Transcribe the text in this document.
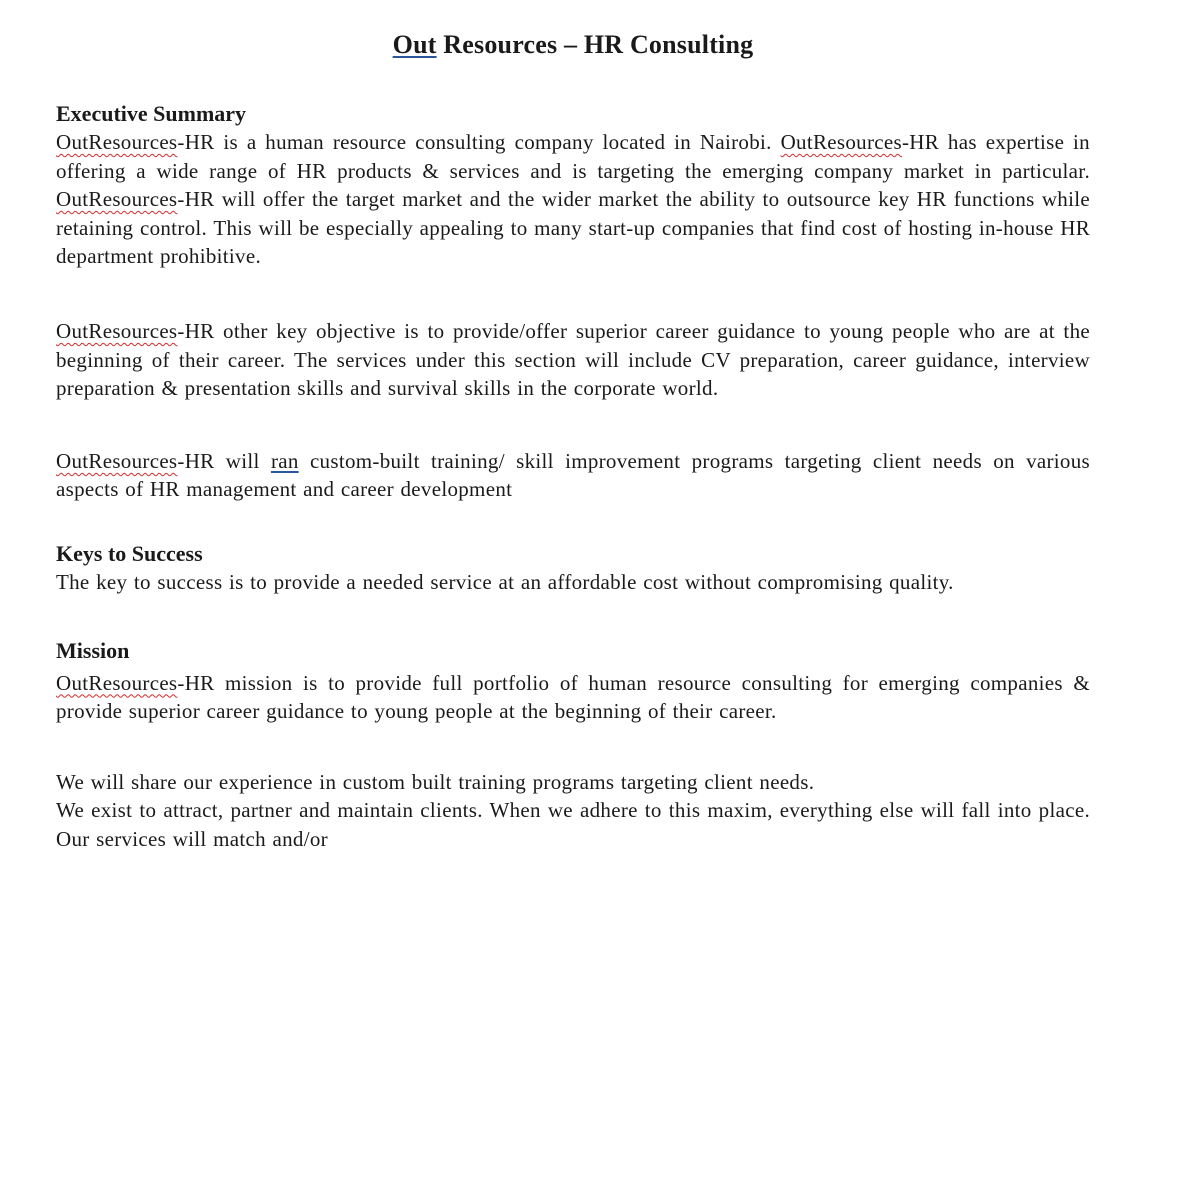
Out Resources – HR Consulting
Executive Summary

OutResources-HR is a human resource consulting company located in Nairobi. OutResources-HR has expertise in offering a wide range of HR products & services and is targeting the emerging company market in particular. OutResources-HR will offer the target market and the wider market the ability to outsource key HR functions while retaining control. This will be especially appealing to many start-up companies that find cost of hosting in-house HR department prohibitive.

OutResources-HR other key objective is to provide/offer superior career guidance to young people who are at the beginning of their career. The services under this section will include CV preparation, career guidance, interview preparation & presentation skills and survival skills in the corporate world.

OutResources-HR will ran custom-built training/ skill improvement programs targeting client needs on various aspects of HR management and career development

Keys to Success

The key to success is to provide a needed service at an affordable cost without compromising quality.

Mission

OutResources-HR mission is to provide full portfolio of human resource consulting for emerging companies & provide superior career guidance to young people at the beginning of their career.

We will share our experience in custom built training programs targeting client needs.

We exist to attract, partner and maintain clients. When we adhere to this maxim, everything else will fall into place. Our services will match and/or
